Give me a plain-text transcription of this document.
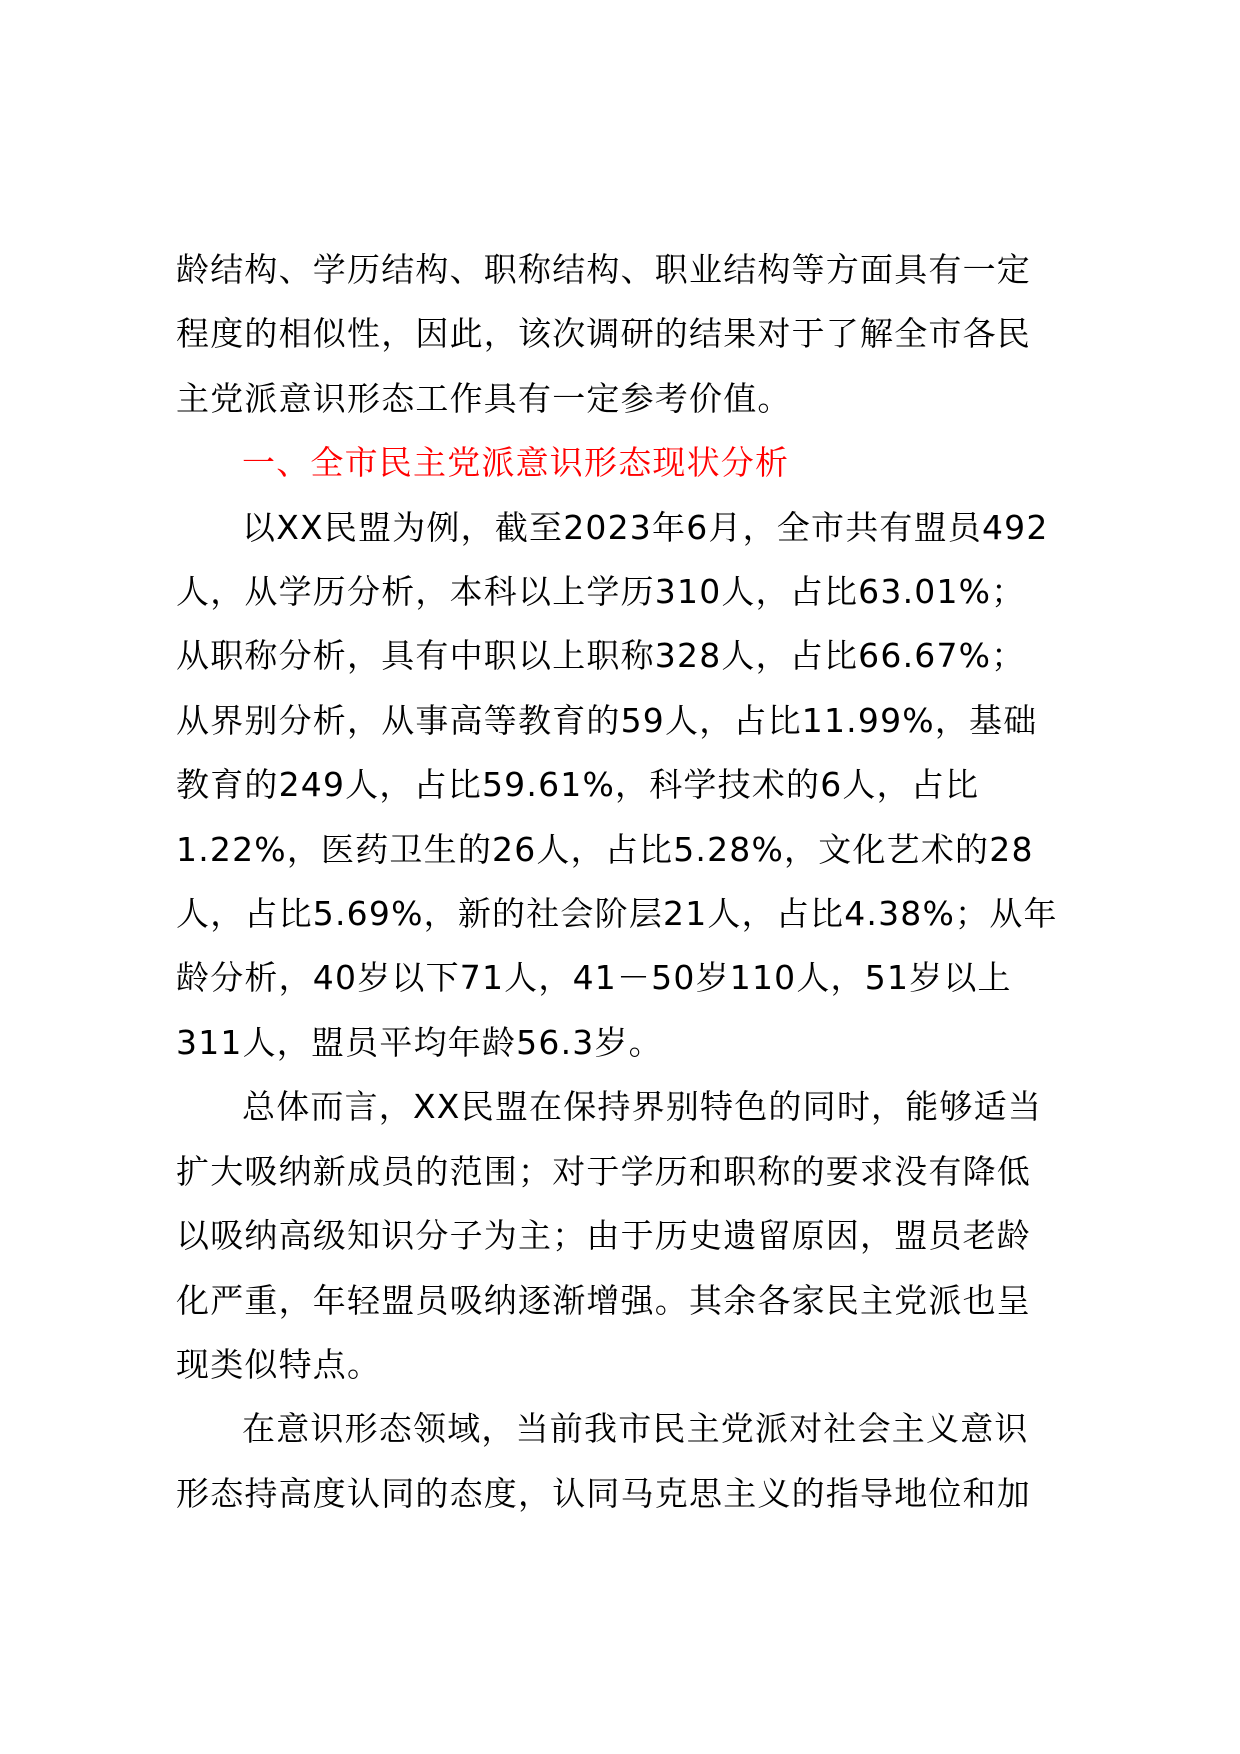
龄结构、学历结构、职称结构、职业结构等方面具有一定
程度的相似性，因此，该次调研的结果对于了解全市各民
主党派意识形态工作具有一定参考价值。

一、全市民主党派意识形态现状分析

以XX民盟为例，截至2023年6月，全市共有盟员492
人，从学历分析，本科以上学历310人，占比63.01%；
从职称分析，具有中职以上职称328人，占比66.67%；
从界别分析，从事高等教育的59人，占比11.99%，基础
教育的249人，占比59.61%，科学技术的6人，占比
1.22%，医药卫生的26人，占比5.28%，文化艺术的28
人，占比5.69%，新的社会阶层21人，占比4.38%；从年
龄分析，40岁以下71人，41－50岁110人，51岁以上
311人，盟员平均年龄56.3岁。

总体而言，XX民盟在保持界别特色的同时，能够适当
扩大吸纳新成员的范围；对于学历和职称的要求没有降低
以吸纳高级知识分子为主；由于历史遗留原因，盟员老龄
化严重，年轻盟员吸纳逐渐增强。其余各家民主党派也呈
现类似特点。

在意识形态领域，当前我市民主党派对社会主义意识
形态持高度认同的态度，认同马克思主义的指导地位和加
